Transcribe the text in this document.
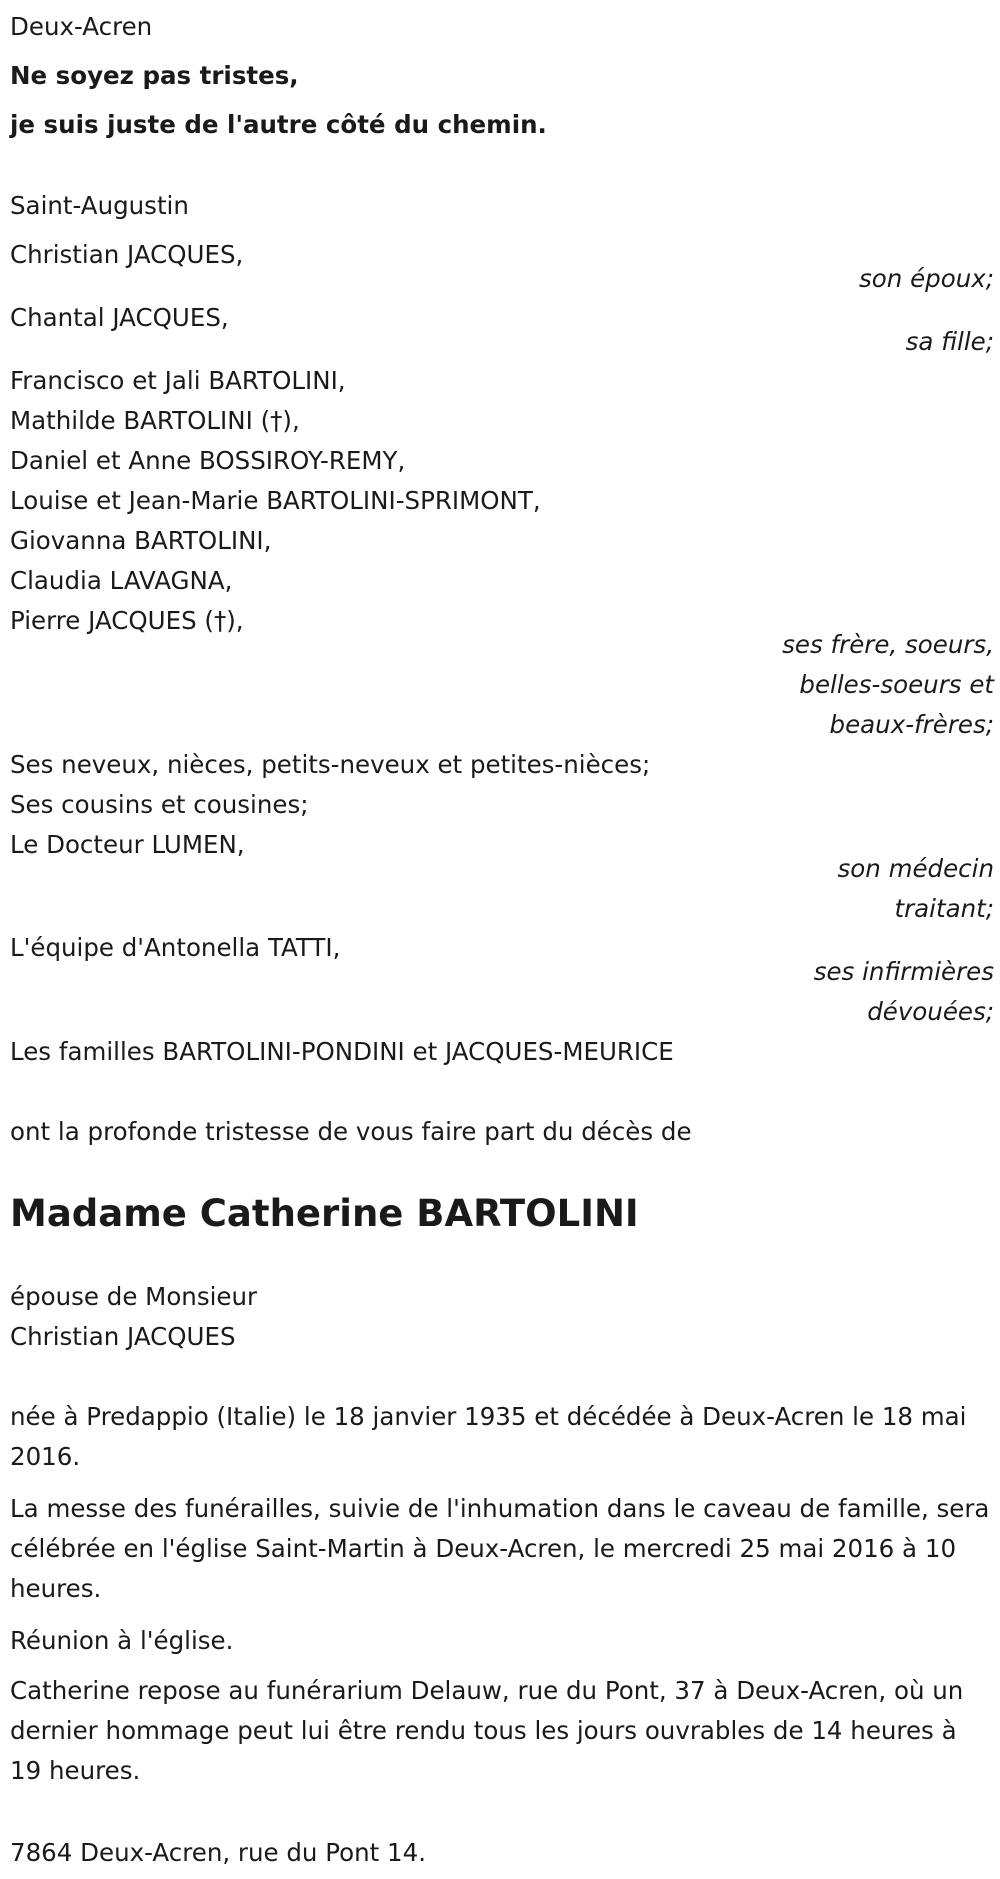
Deux-Acren
Ne soyez pas tristes,
je suis juste de l'autre côté du chemin.
Saint-Augustin
Christian JACQUES,
son époux;
Chantal JACQUES,
sa fille;
Francisco et Jali BARTOLINI,
Mathilde BARTOLINI (†),
Daniel et Anne BOSSIROY-REMY,
Louise et Jean-Marie BARTOLINI-SPRIMONT,
Giovanna BARTOLINI,
Claudia LAVAGNA,
Pierre JACQUES (†),
ses frère, soeurs,
belles-soeurs et
beaux-frères;
Ses neveux, nièces, petits-neveux et petites-nièces;
Ses cousins et cousines;
Le Docteur LUMEN,
son médecin
traitant;
L'équipe d'Antonella TATTI,
ses infirmières
dévouées;
Les familles BARTOLINI-PONDINI et JACQUES-MEURICE
ont la profonde tristesse de vous faire part du décès de
Madame Catherine BARTOLINI
épouse de Monsieur
Christian JACQUES
née à Predappio (Italie) le 18 janvier 1935 et décédée à Deux-Acren le 18 mai 2016.
La messe des funérailles, suivie de l'inhumation dans le caveau de famille, sera célébrée en l'église Saint-Martin à Deux-Acren, le mercredi 25 mai 2016 à 10 heures.
Réunion à l'église.
Catherine repose au funérarium Delauw, rue du Pont, 37 à Deux-Acren, où un dernier hommage peut lui être rendu tous les jours ouvrables de 14 heures à 19 heures.
7864 Deux-Acren, rue du Pont 14.
